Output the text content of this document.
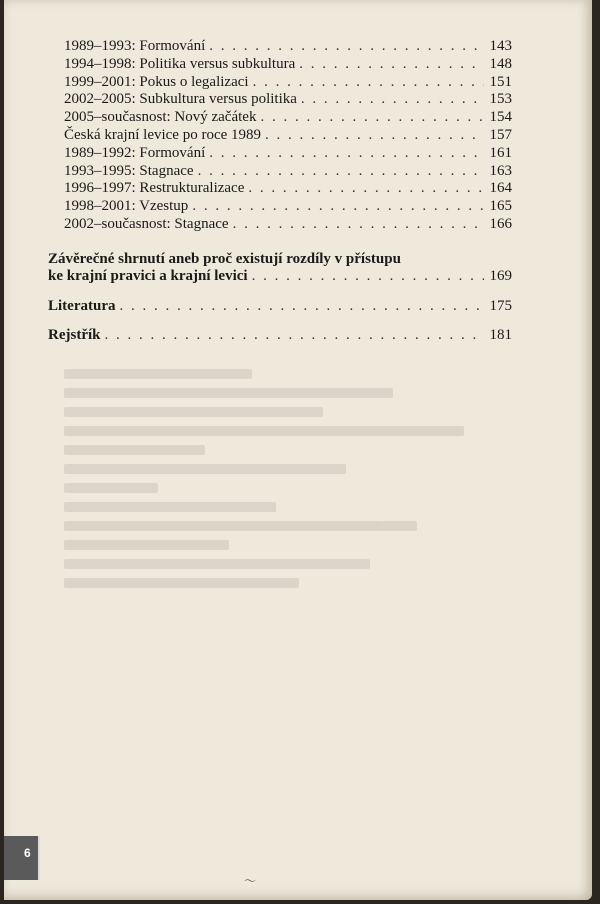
1989–1993: Formování . . .	143
1994–1998: Politika versus subkultura . . .	148
1999–2001: Pokus o legalizaci . . .	151
2002–2005: Subkultura versus politika . . .	153
2005–současnost: Nový začátek . . .	154
Česká krajní levice po roce 1989 . . .	157
1989–1992: Formování . . .	161
1993–1995: Stagnace . . .	163
1996–1997: Restrukturalizace . . .	164
1998–2001: Vzestup . . .	165
2002–současnost: Stagnace . . .	166
Závěrečné shrnutí aneb proč existují rozdíly v přístupu
ke krajní pravici a krajní levici . . .	169
Literatura . . .	175
Rejstřík . . .	181
～
6
